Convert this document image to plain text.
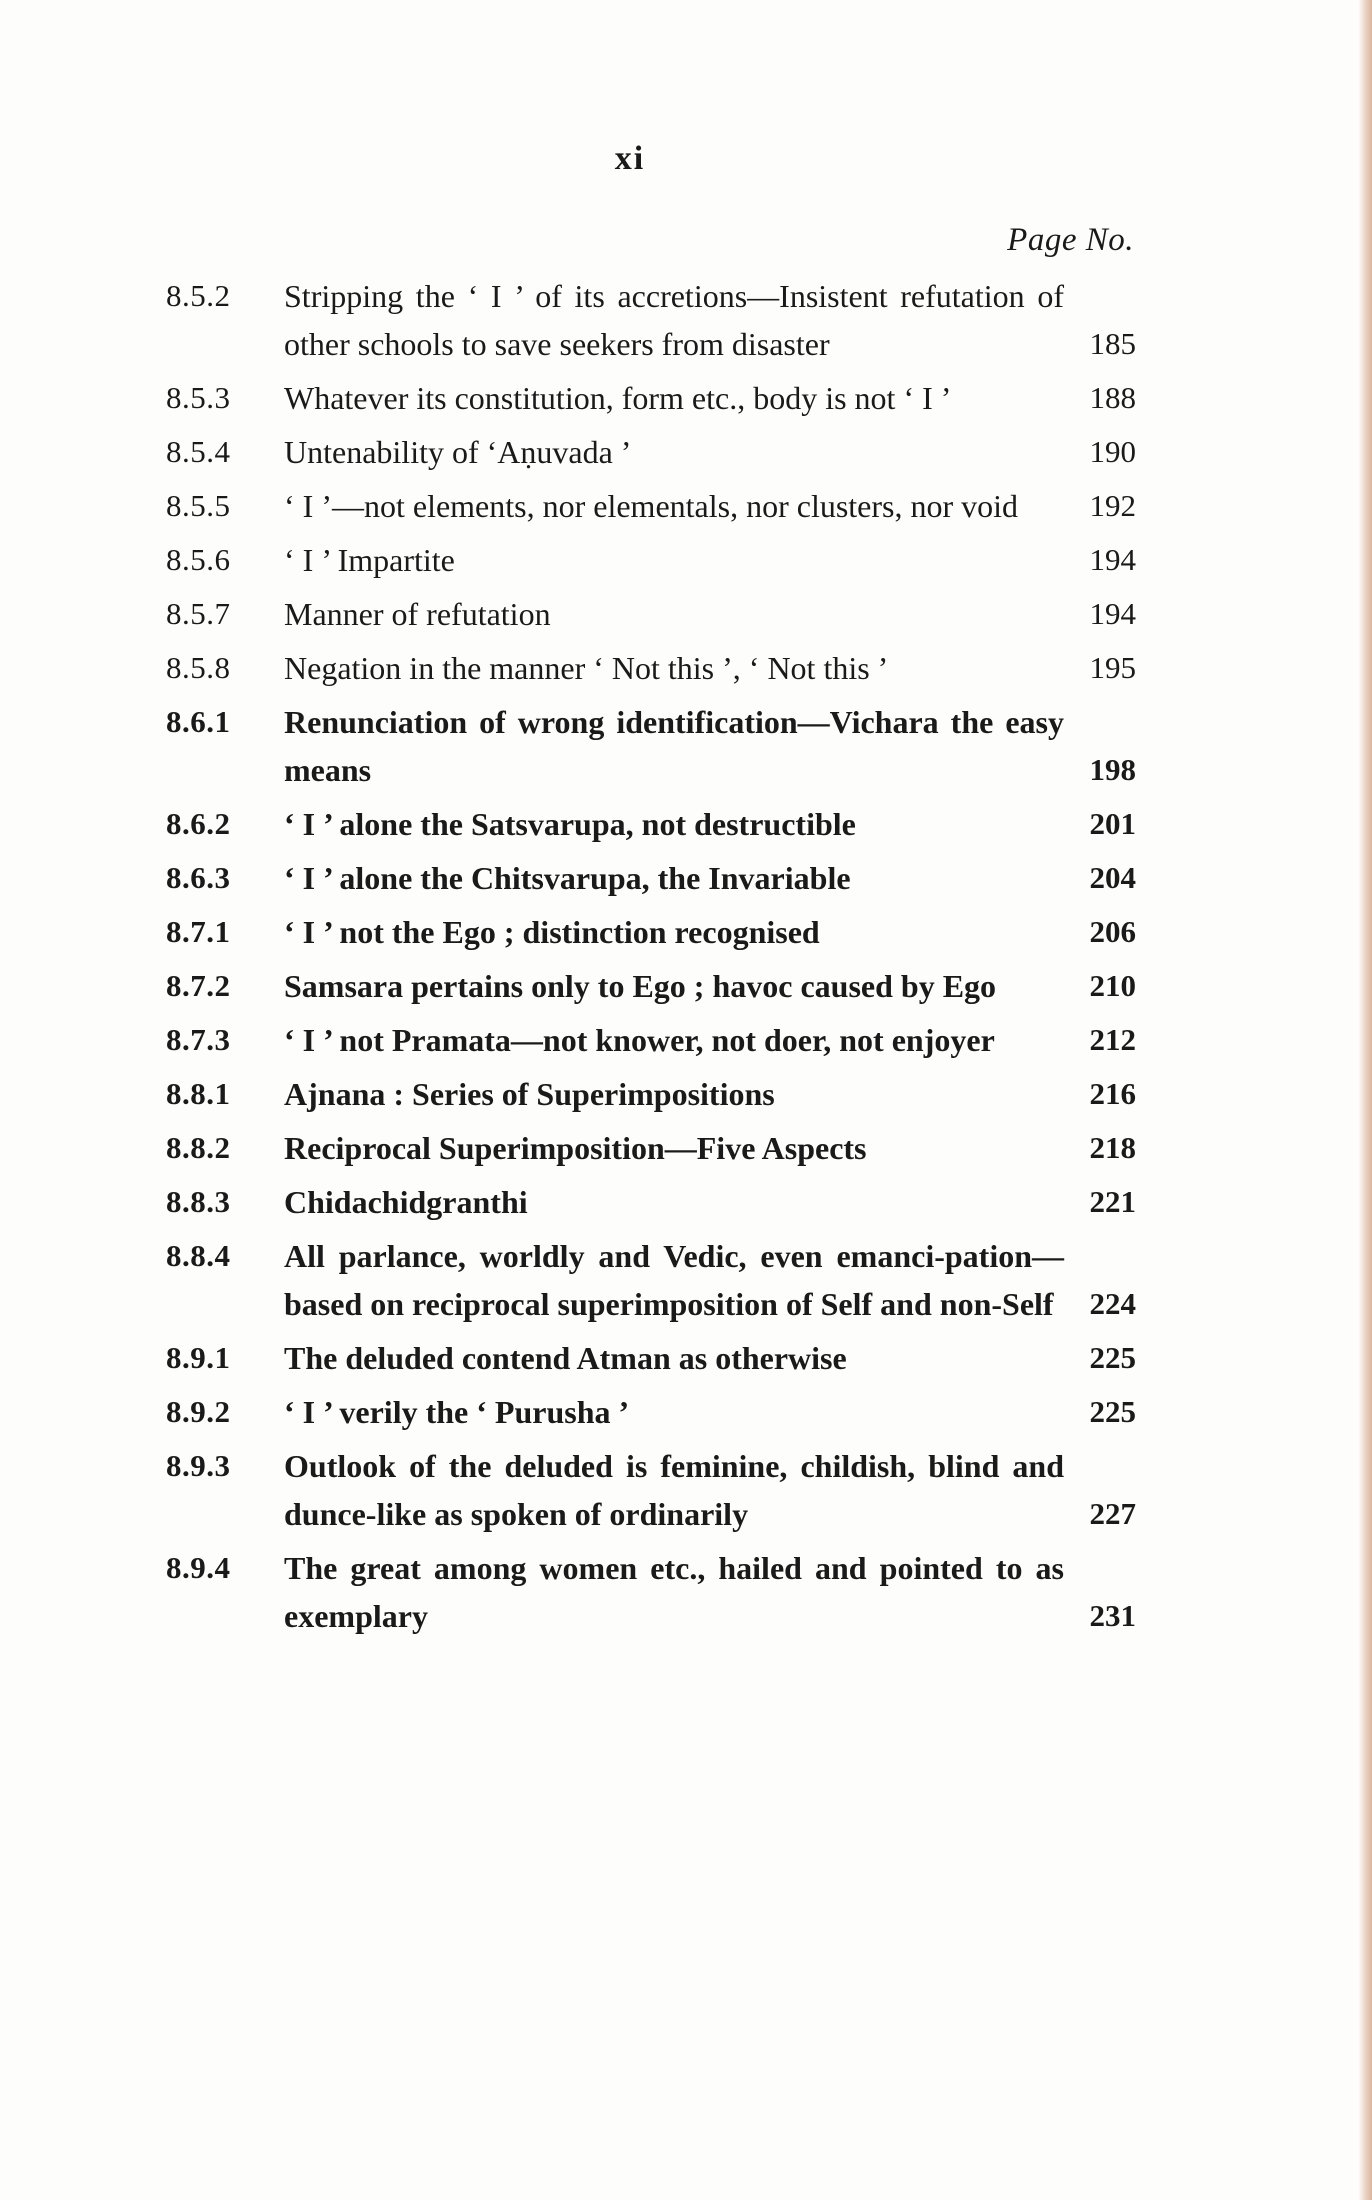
xi
Page No.
8.5.2	Stripping the ‘ I ’ of its accretions—Insistent refutation of other schools to save seekers from disaster	185
8.5.3	Whatever its constitution, form etc., body is not ‘ I ’	188
8.5.4	Untenability of ‘Aṇuvada ’	190
8.5.5	‘ I ’—not elements, nor elementals, nor clusters, nor void	192
8.5.6	‘ I ’ Impartite	194
8.5.7	Manner of refutation	194
8.5.8	Negation in the manner ‘ Not this ’, ‘ Not this ’	195
8.6.1	Renunciation of wrong identification—Vichara the easy means	198
8.6.2	‘ I ’ alone the Satsvarupa, not destructible	201
8.6.3	‘ I ’ alone the Chitsvarupa, the Invariable	204
8.7.1	‘ I ’ not the Ego ; distinction recognised	206
8.7.2	Samsara pertains only to Ego ; havoc caused by Ego	210
8.7.3	‘ I ’ not Pramata—not knower, not doer, not enjoyer	212
8.8.1	Ajnana : Series of Superimpositions	216
8.8.2	Reciprocal Superimposition—Five Aspects	218
8.8.3	Chidachidgranthi	221
8.8.4	All parlance, worldly and Vedic, even emanci-pation—based on reciprocal superimposition of Self and non-Self	224
8.9.1	The deluded contend Atman as otherwise	225
8.9.2	‘ I ’ verily the ‘ Purusha ’	225
8.9.3	Outlook of the deluded is feminine, childish, blind and dunce-like as spoken of ordinarily	227
8.9.4	The great among women etc., hailed and pointed to as exemplary	231
